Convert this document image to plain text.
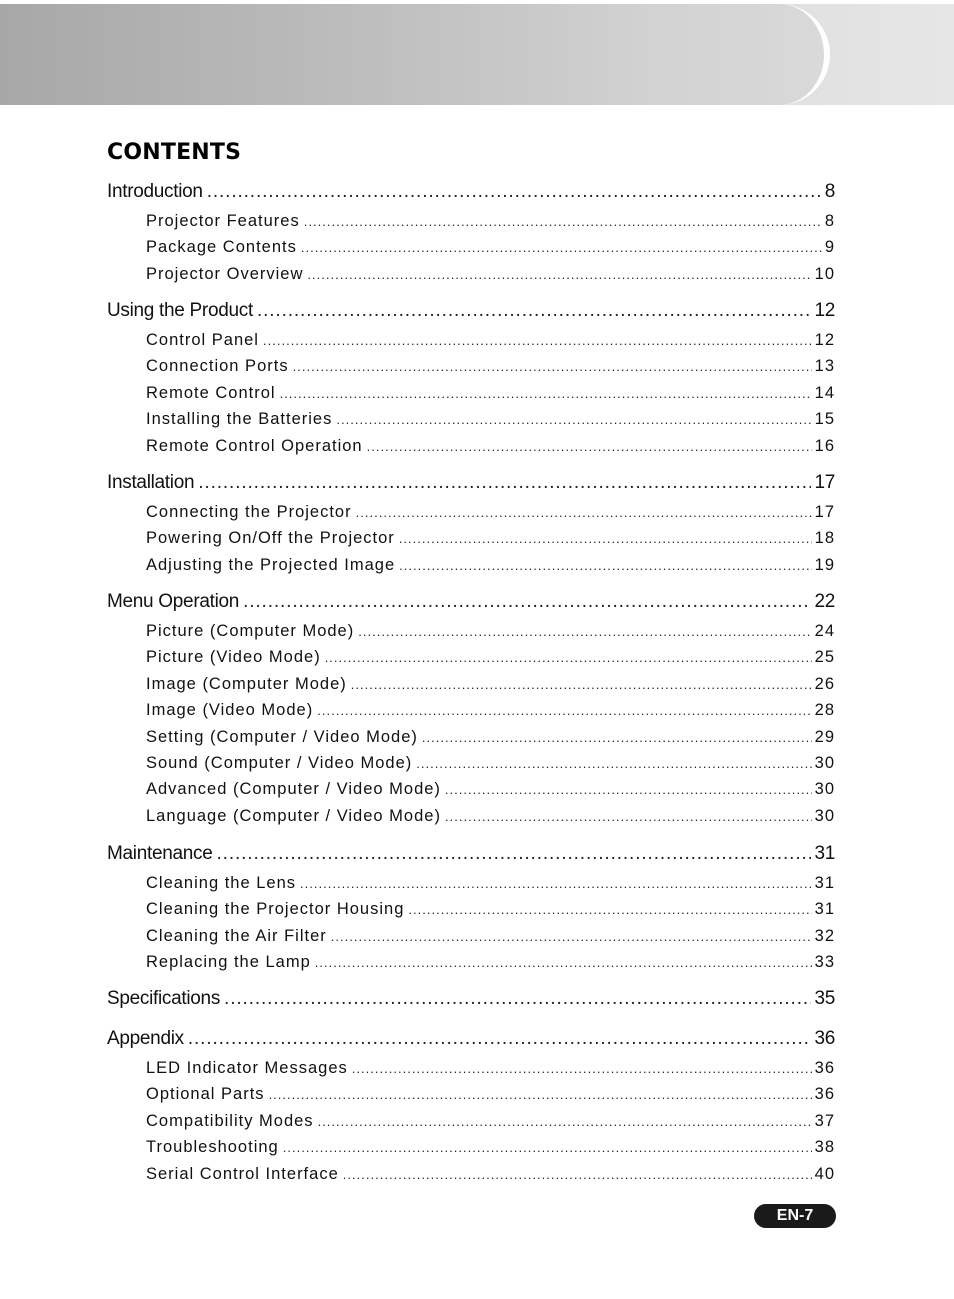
CONTENTS
Introduction . . .	8
Projector Features . . .	8
Package Contents . . .	9
Projector Overview . . .	10
Using the Product . . .	12
Control Panel . . .	12
Connection Ports . . .	13
Remote Control . . .	14
Installing the Batteries . . .	15
Remote Control Operation . . .	16
Installation . . .	17
Connecting the Projector . . .	17
Powering On/Off the Projector . . .	18
Adjusting the Projected Image . . .	19
Menu Operation . . .	22
Picture (Computer Mode) . . .	24
Picture (Video Mode) . . .	25
Image (Computer Mode) . . .	26
Image (Video Mode) . . .	28
Setting (Computer / Video Mode) . . .	29
Sound (Computer / Video Mode) . . .	30
Advanced (Computer / Video Mode) . . .	30
Language (Computer / Video Mode) . . .	30
Maintenance . . .	31
Cleaning the Lens . . .	31
Cleaning the Projector Housing . . .	31
Cleaning the Air Filter . . .	32
Replacing the Lamp . . .	33
Specifications . . .	35
Appendix . . .	36
LED Indicator Messages . . .	36
Optional Parts . . .	36
Compatibility Modes . . .	37
Troubleshooting . . .	38
Serial Control Interface . . .	40
EN-7
